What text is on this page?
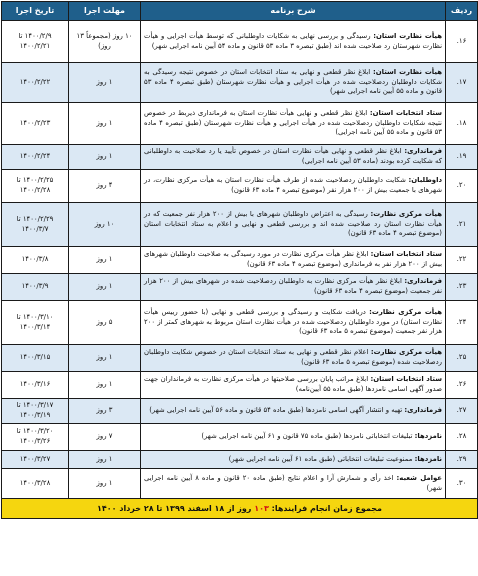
ردیف	شرح برنامه	مهلت اجرا	تاریخ اجرا
۱۶.	هیأت نظارت استان: رسیدگی و بررسی نهایی به شکایات داوطلبانی که توسط هیأت اجرایی و هیأت نظارت شهرستان رد صلاحیت شده اند (طبق تبصره ۳ ماده ۵۳ قانون و ماده ۵۴ آیین نامه اجرایی شهر)	۱۰ روز (مجموعاً ۱۳ روز)	۱۴۰۰/۲/۹ تا ۱۴۰۰/۲/۲۱
۱۷.	هیأت نظارت استان: ابلاغ نظر قطعی و نهایی به ستاد انتخابات استان در خصوص نتیجه رسیدگی به شکایات داوطلبان ردصلاحیت شده در هیأت اجرایی و هیأت نظارت شهرستان (طبق تبصره ۴ ماده ۵۳ قانون و ماده ۵۵ آیین نامه اجرایی شهر)	۱ روز	۱۴۰۰/۲/۲۲
۱۸.	ستاد انتخابات استان: ابلاغ نظر قطعی و نهایی هیأت نظارت استان به فرمانداری ذیربط در خصوص نتیجه شکایات داوطلبان ردصلاحیت شده در هیأت اجرایی و هیأت نظارت شهرستان (طبق تبصره ۴ ماده ۵۳ قانون و ماده ۵۵ آیین نامه اجرایی)	۱ روز	۱۴۰۰/۲/۲۳
۱۹.	فرمانداری: ابلاغ نظر قطعی و نهایی هیأت نظارت استان در خصوص تأیید یا رد صلاحیت به داوطلبانی که شکایت کرده بودند (ماده ۵۳ آیین نامه اجرایی)	۱ روز	۱۴۰۰/۲/۲۴
۲۰.	داوطلبان: شکایت داوطلبان ردصلاحیت شده از طرف هیأت نظارت استان به هیأت مرکزی نظارت، در شهرهای با جمعیت بیش از ۲۰۰ هزار نفر (موضوع تبصره ۴ ماده ۶۳ قانون)	۴ روز	۱۴۰۰/۲/۲۵ تا ۱۴۰۰/۲/۲۸
۲۱.	هیأت مرکزی نظارت: رسیدگی به اعتراض داوطلبان شهرهای با بیش از ۲۰۰ هزار نفر جمعیت که در هیأت نظارت استان رد صلاحیت شده اند و بررسی قطعی و نهایی و اعلام به ستاد انتخابات استان (موضوع تبصره ۴ ماده ۶۳ قانون)	۱۰ روز	۱۴۰۰/۲/۲۹ تا ۱۴۰۰/۳/۷
۲۲.	ستاد انتخابات استان: ابلاغ نظر هیأت مرکزی نظارت در مورد رسیدگی به صلاحیت داوطلبان شهرهای بیش از ۲۰۰ هزار نفر به فرمانداری (موضوع تبصره ۴ ماده ۶۳ قانون)	۱ روز	۱۴۰۰/۳/۸
۲۳.	فرمانداری: ابلاغ نظر هیأت مرکزی نظارت به داوطلبان ردصلاحیت شده در شهرهای بیش از ۲۰۰ هزار نفر جمعیت (موضوع تبصره ۴ ماده ۶۳ قانون)	۱ روز	۱۴۰۰/۳/۹
۲۴.	هیأت مرکزی نظارت: دریافت شکایت و رسیدگی و بررسی قطعی و نهایی (با حضور رییس هیأت نظارت استان) در مورد داوطلبان ردصلاحیت شده در هیأت نظارت استان مربوط به شهرهای کمتر از ۲۰۰ هزار نفر جمعیت (موضوع تبصره ۵ ماده ۶۳ قانون)	۵ روز	۱۴۰۰/۳/۱۰ تا ۱۴۰۰/۳/۱۴
۲۵.	هیأت مرکزی نظارت: اعلام نظر قطعی و نهایی به ستاد انتخابات استان در خصوص شکایت داوطلبان ردصلاحیت شده (موضوع تبصره ۵ ماده ۶۳ قانون)	۱ روز	۱۴۰۰/۳/۱۵
۲۶.	ستاد انتخابات استان: ابلاغ مراتب پایان بررسی صلاحیتها در هیأت مرکزی نظارت به فرمانداران جهت صدور آگهی اسامی نامزدها (طبق ماده ۵۵ آیین‌نامه)	۱ روز	۱۴۰۰/۳/۱۶
۲۷.	فرمانداری: تهیه و انتشار آگهی اسامی نامزدها (طبق ماده ۵۴ قانون و ماده ۵۶ آیین نامه اجرایی شهر)	۳ روز	۱۴۰۰/۳/۱۷ تا ۱۴۰۰/۳/۱۹
۲۸.	نامزدها: تبلیغات انتخاباتی نامزدها (طبق ماده ۷۵ قانون و ۶۱ آیین نامه اجرایی شهر)	۷ روز	۱۴۰۰/۳/۲۰ تا ۱۴۰۰/۳/۲۶
۲۹.	نامزدها: ممنوعیت تبلیغات انتخاباتی (طبق ماده ۶۱ آیین نامه اجرایی شهر)	۱ روز	۱۴۰۰/۳/۲۷
۳۰.	عوامل شعبه: اخذ رأی و شمارش آرا و اعلام نتایج (طبق ماده ۲۰ قانون و ماده ۸ آیین نامه اجرایی شهر)	۱ روز	۱۴۰۰/۳/۲۸
مجموع زمان انجام فرایندها: ۱۰۳ روز از ۱۸ اسفند ۱۳۹۹ تا ۲۸ خرداد ۱۴۰۰			
